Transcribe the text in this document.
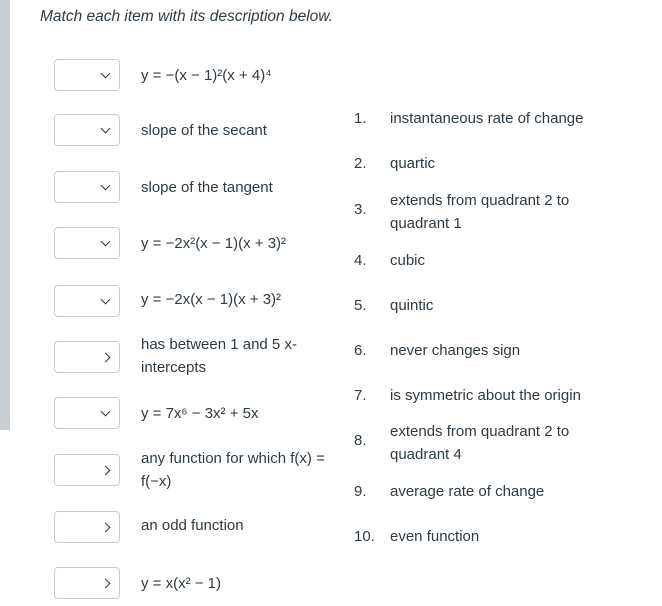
Match each item with its description below.
y = −(x − 1)²(x + 4)⁴
slope of the secant
slope of the tangent
y = −2x²(x − 1)(x + 3)²
y = −2x(x − 1)(x + 3)²
has between 1 and 5 x-intercepts
y = 7x⁶ − 3x² + 5x
any function for which f(x) = f(−x)
an odd function
y = x(x² − 1)
1. instantaneous rate of change
2. quartic
3.
extends from quadrant 2 to quadrant 1
4. cubic
5. quintic
6. never changes sign
7. is symmetric about the origin
8.
extends from quadrant 2 to quadrant 4
9. average rate of change
10. even function
